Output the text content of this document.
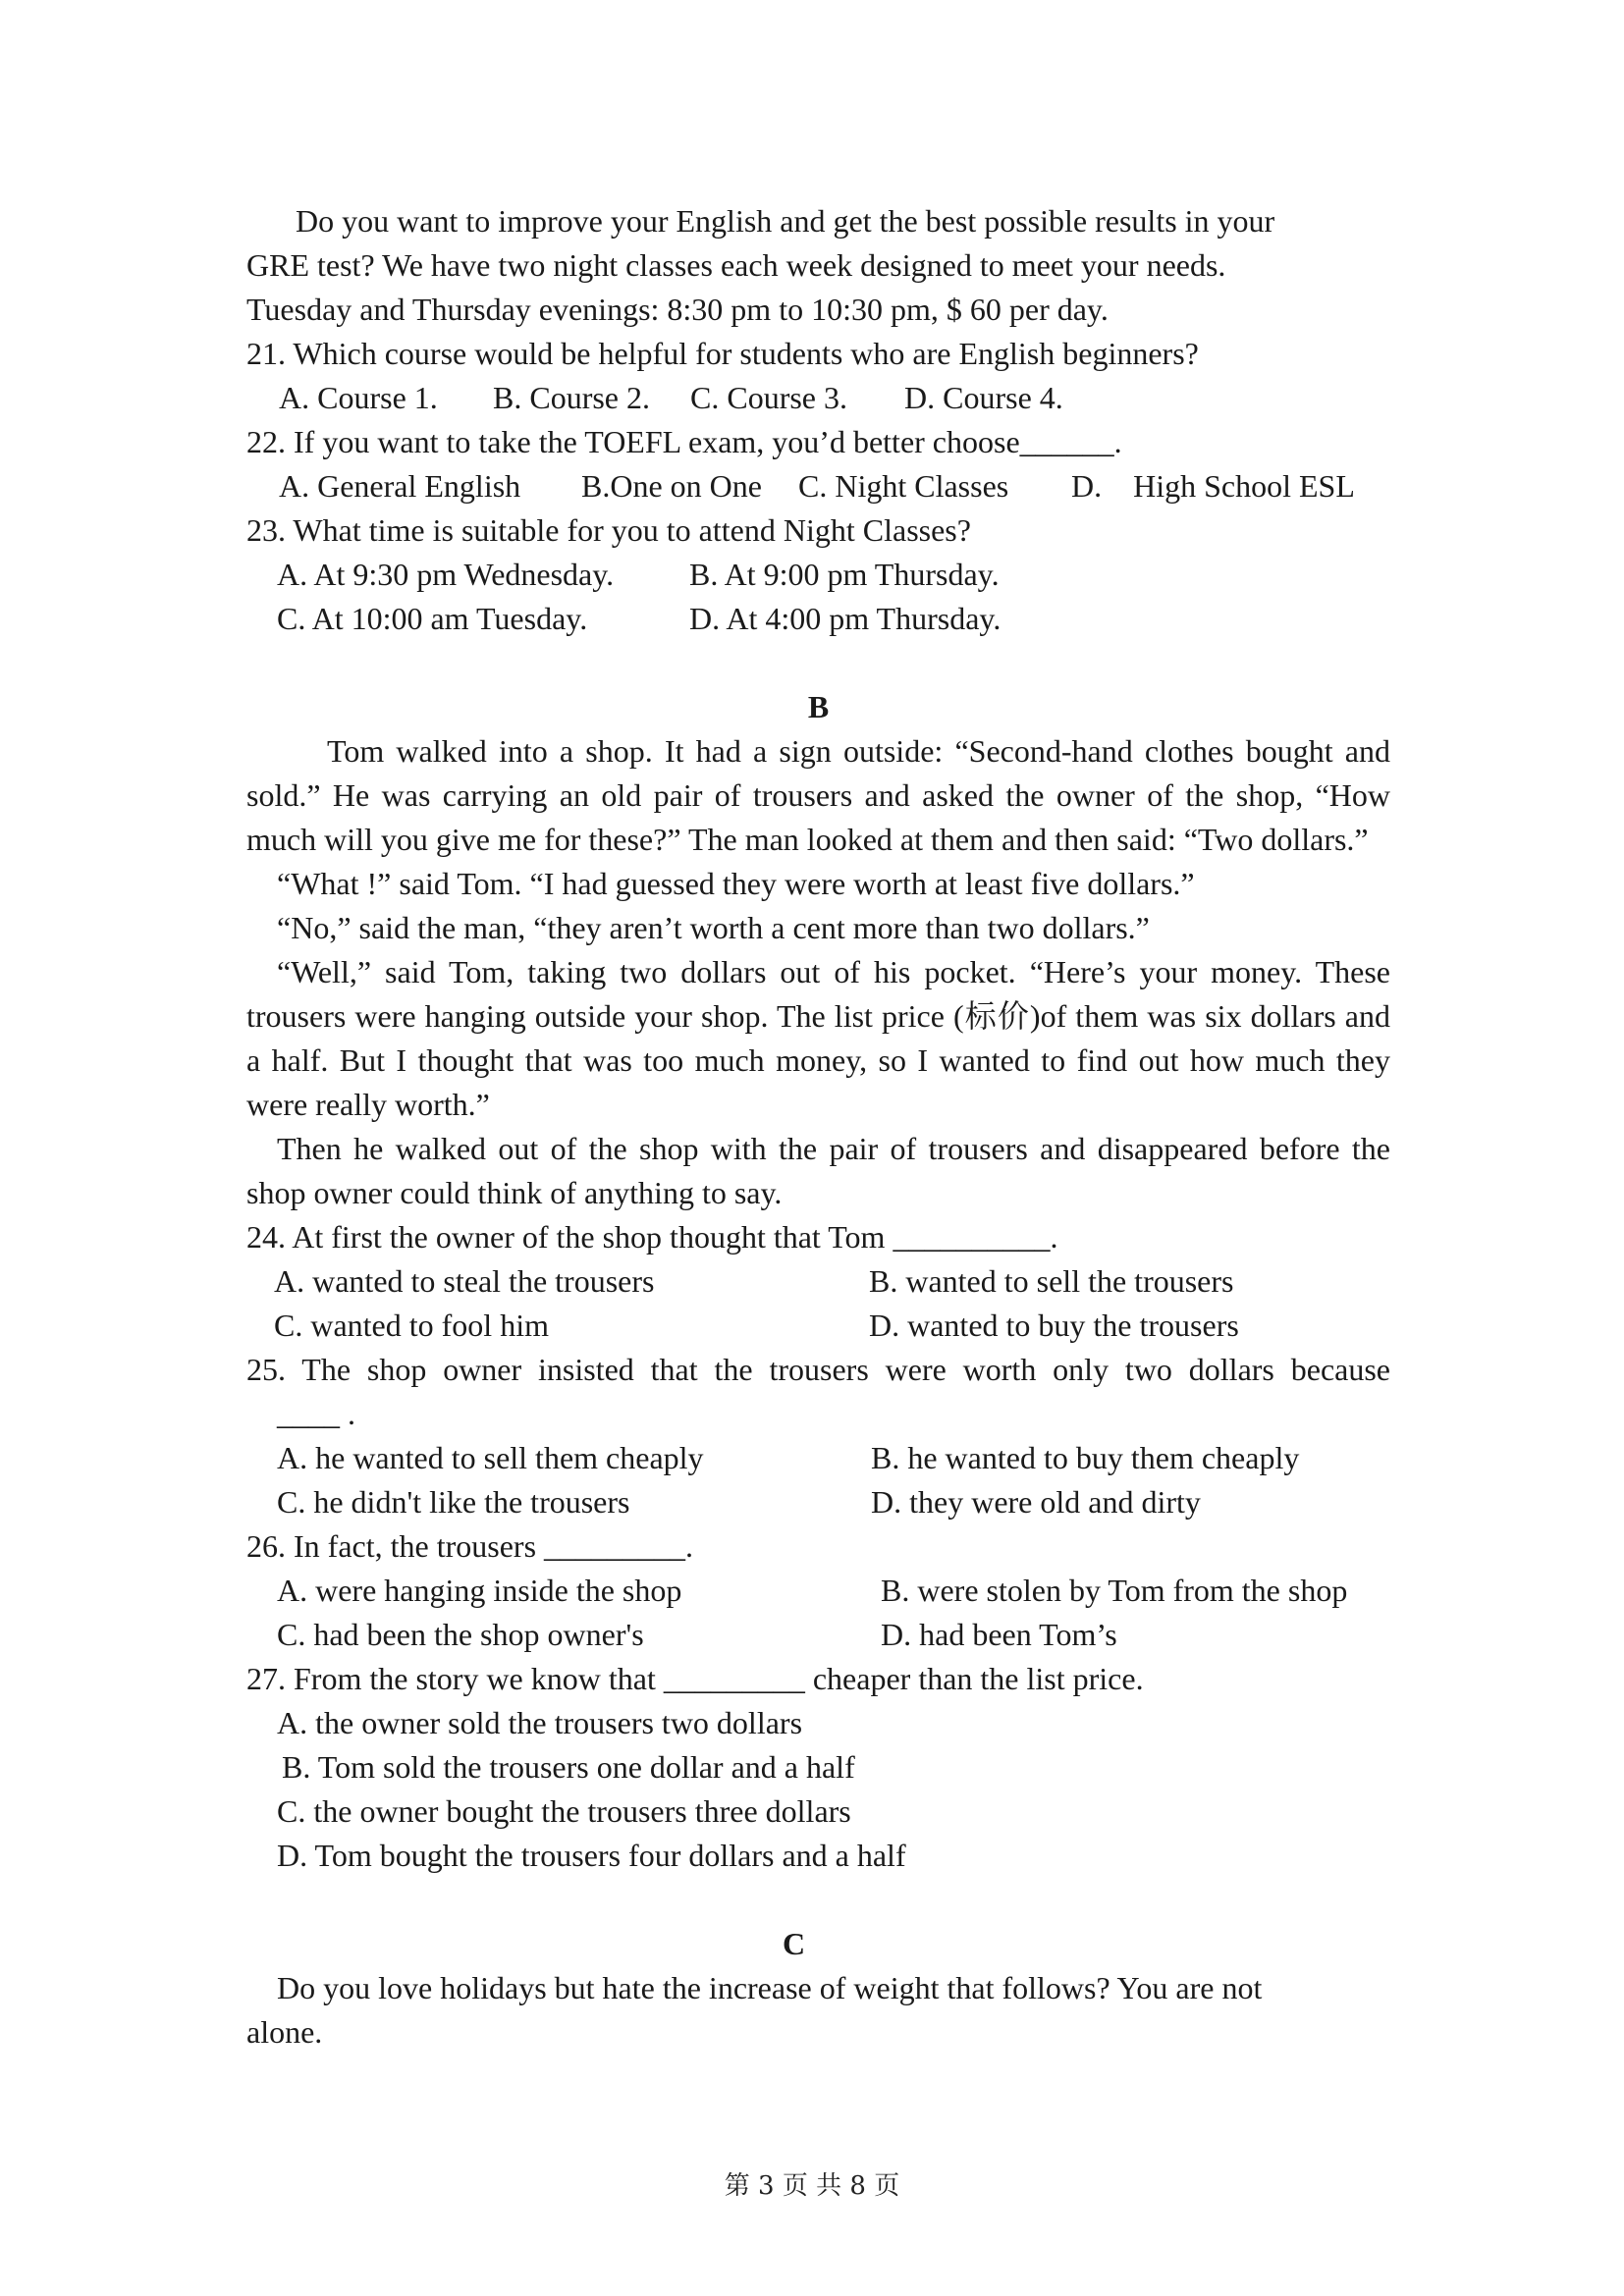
Do you want to improve your English and get the best possible results in your

GRE test? We have two night classes each week designed to meet your needs.

Tuesday and Thursday evenings: 8:30 pm to 10:30 pm, $ 60 per day.

21. Which course would be helpful for students who are English beginners?

A. Course 1. B. Course 2. C. Course 3. D. Course 4.

22. If you want to take the TOEFL exam, you’d better choose______.

A. General English B.One on One C. Night Classes D.    High School ESL

23. What time is suitable for you to attend Night Classes?

A. At 9:30 pm Wednesday.	B. At 9:00 pm Thursday.
C. At 10:00 am Tuesday.	D. At 4:00 pm Thursday.

B

Tom walked into a shop. It had a sign outside: “Second-hand clothes bought and sold.” He was carrying an old pair of trousers and asked the owner of the shop, “How much will you give me for these?” The man looked at them and then said: “Two dollars.”

“What !” said Tom. “I had guessed they were worth at least five dollars.”

“No,” said the man, “they aren’t worth a cent more than two dollars.”

“Well,” said Tom, taking two dollars out of his pocket. “Here’s your money. These trousers were hanging outside your shop. The list price (标价)of them was six dollars and a half. But I thought that was too much money, so I wanted to find out how much they were really worth.”

Then he walked out of the shop with the pair of trousers and disappeared before the shop owner could think of anything to say.

24. At first the owner of the shop thought that Tom __________.

A. wanted to steal the trousers	B. wanted to sell the trousers
C. wanted to fool him	D. wanted to buy the trousers

25. The shop owner insisted that the trousers were worth only two dollars because

____ .

A. he wanted to sell them cheaply	B. he wanted to buy them cheaply
C. he didn't like the trousers	D. they were old and dirty

26. In fact, the trousers _________.

A. were hanging inside the shop	B. were stolen by Tom from the shop
C. had been the shop owner's	D. had been Tom’s

27. From the story we know that _________ cheaper than the list price.

A. the owner sold the trousers two dollars

B. Tom sold the trousers one dollar and a half

C. the owner bought the trousers three dollars

D. Tom bought the trousers four dollars and a half

C

Do you love holidays but hate the increase of weight that follows? You are not alone.

第 3 页 共 8 页
